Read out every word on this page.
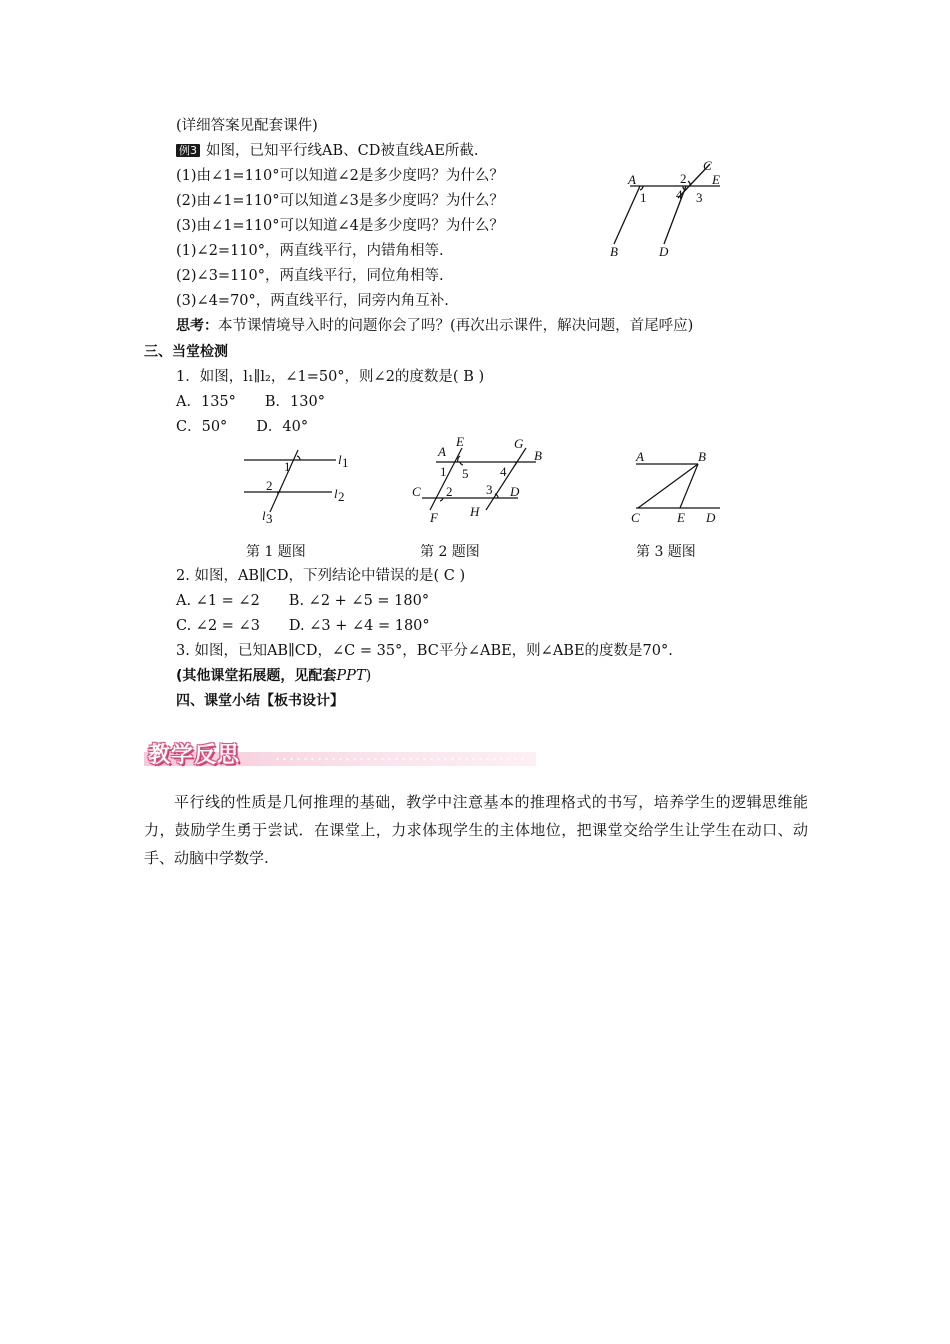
(详细答案见配套课件)
例3 如图，已知平行线AB、CD被直线AE所截.
(1)由∠1=110°可以知道∠2是多少度吗？为什么？
(2)由∠1=110°可以知道∠3是多少度吗？为什么？
(3)由∠1=110°可以知道∠4是多少度吗？为什么？
(1)∠2=110°，两直线平行，内错角相等.
(2)∠3=110°，两直线平行，同位角相等.
(3)∠4=70°，两直线平行，同旁内角互补.
思考：本节课情境导入时的问题你会了吗？(再次出示课件，解决问题，首尾呼应)
A
B
C
D
E
1
2
3
4
三、当堂检测
1．如图，l₁∥l₂，∠1=50°，则∠2的度数是( B )
A．135°　　B．130°
C．50°　　D．40°
l 1
l 2
l 3
1
2
A	B
C	D
E
F
G
H
1
2	3
4
5
A	B
C	D
E
第 1 题图	第 2 题图	第 3 题图
2. 如图，AB∥CD，下列结论中错误的是( C )
A. ∠1 = ∠2　　B. ∠2 + ∠5 = 180°
C. ∠2 = ∠3　　D. ∠3 + ∠4 = 180°
3. 如图，已知AB∥CD，∠C = 35°，BC平分∠ABE，则∠ABE的度数是70°.
(其他课堂拓展题，见配套PPT)
四、课堂小结【板书设计】
教学反思
平行线的性质是几何推理的基础，教学中注意基本的推理格式的书写，培养学生的逻辑思维能力，鼓励学生勇于尝试．在课堂上，力求体现学生的主体地位，把课堂交给学生让学生在动口、动手、动脑中学数学.
